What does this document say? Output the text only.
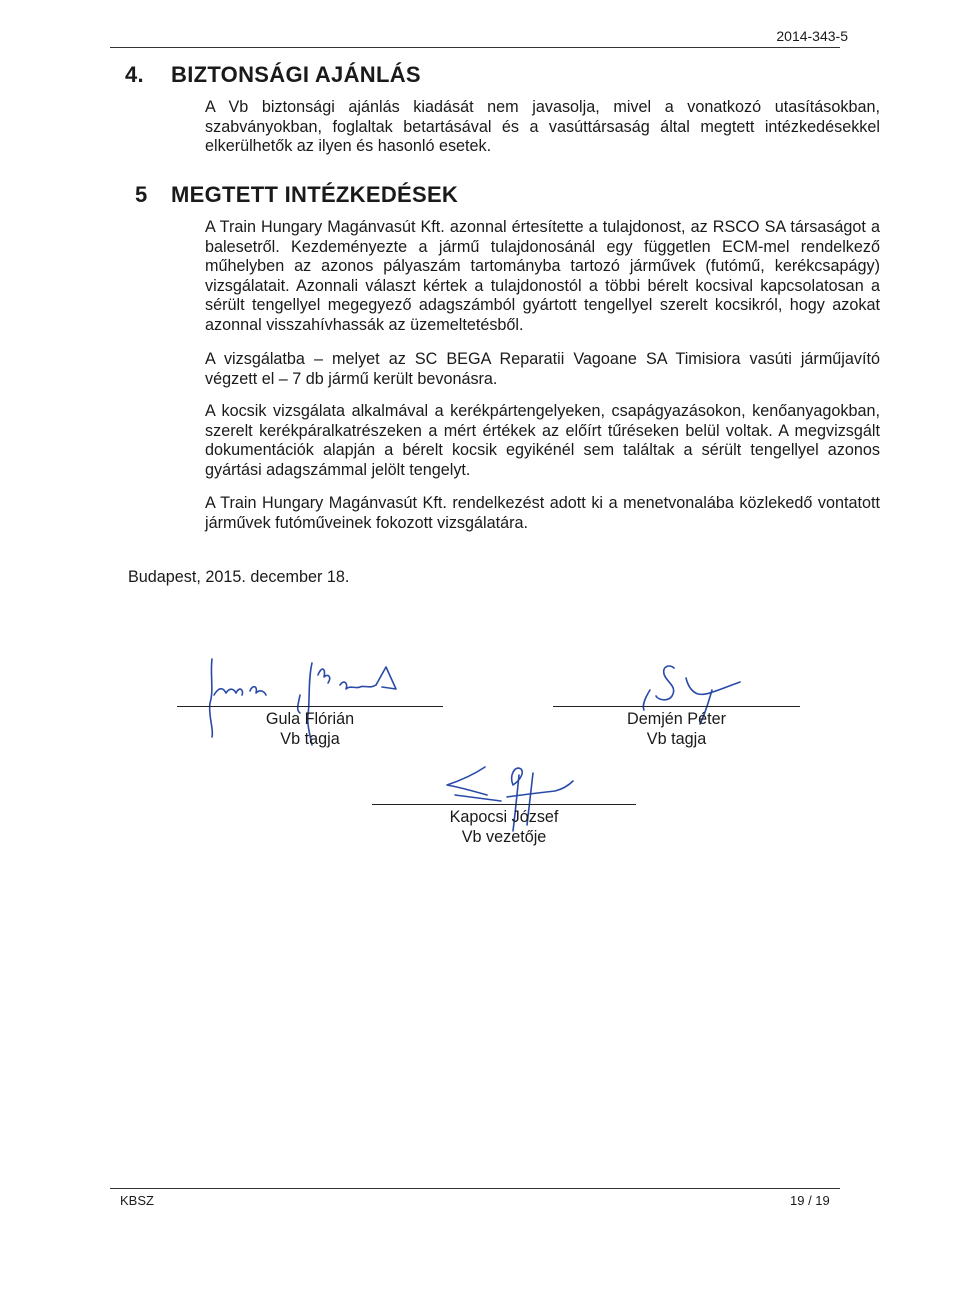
2014-343-5
4. BIZTONSÁGI AJÁNLÁS
A Vb biztonsági ajánlás kiadását nem javasolja, mivel a vonatkozó utasításokban, szabványokban, foglaltak betartásával és a vasúttársaság által megtett intézkedésekkel elkerülhetők az ilyen és hasonló esetek.
5 MEGTETT INTÉZKEDÉSEK
A Train Hungary Magánvasút Kft. azonnal értesítette a tulajdonost, az RSCO SA társaságot a balesetről. Kezdeményezte a jármű tulajdonosánál egy független ECM-mel rendelkező műhelyben az azonos pályaszám tartományba tartozó járművek (futómű, kerékcsapágy) vizsgálatait. Azonnali választ kértek a tulajdonostól a többi bérelt kocsival kapcsolatosan a sérült tengellyel megegyező adagszámból gyártott tengellyel szerelt kocsikról, hogy azokat azonnal visszahívhassák az üzemeltetésből.
A vizsgálatba – melyet az SC BEGA Reparatii Vagoane SA Timisiora vasúti járműjavító végzett el – 7 db jármű került bevonásra.
A kocsik vizsgálata alkalmával a kerékpártengelyeken, csapágyazásokon, kenőanyagokban, szerelt kerékpáralkatrészeken a mért értékek az előírt tűréseken belül voltak. A megvizsgált dokumentációk alapján a bérelt kocsik egyikénél sem találtak a sérült tengellyel azonos gyártási adagszámmal jelölt tengelyt.
A Train Hungary Magánvasút Kft. rendelkezést adott ki a menetvonalába közlekedő vontatott járművek futóműveinek fokozott vizsgálatára.
Budapest, 2015. december 18.
Gula Flórián
Vb tagja
Demjén Péter
Vb tagja
Kapocsi József
Vb vezetője
KBSZ	19 / 19
